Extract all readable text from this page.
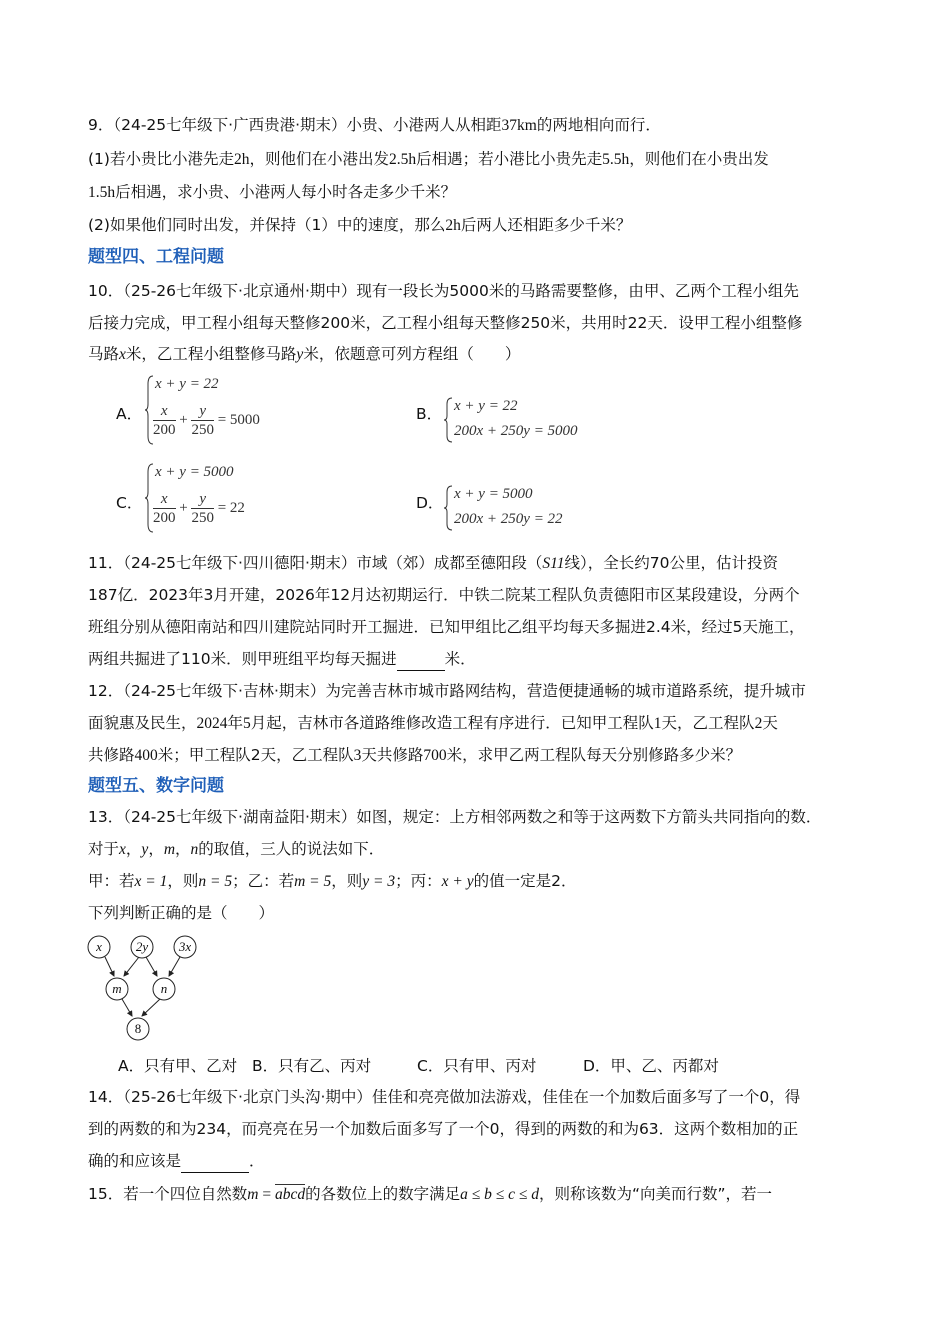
9．（24-25七年级下·广西贵港·期末）小贵、小港两人从相距37km的两地相向而行．
(1)若小贵比小港先走2h，则他们在小港出发2.5h后相遇；若小港比小贵先走5.5h，则他们在小贵出发
1.5h后相遇，求小贵、小港两人每小时各走多少千米？
(2)如果他们同时出发，并保持（1）中的速度，那么2h后两人还相距多少千米？
题型四、工程问题
10．（25-26七年级下·北京通州·期中）现有一段长为5000米的马路需要整修，由甲、乙两个工程小组先
后接力完成，甲工程小组每天整修200米，乙工程小组每天整修250米，共用时22天．设甲工程小组整修
马路x米，乙工程小组整修马路y米，依题意可列方程组（　　）
A．
x + y = 22
$\frac{x}{200} + \frac{y}{250} = 5000$	B． x + y = 22
200x + 250y = 5000
C．
x + y = 5000
$\frac{x}{200} + \frac{y}{250} = 22$	D． x + y = 5000
200x + 250y = 22
11．（24-25七年级下·四川德阳·期末）市域（郊）成都至德阳段（S11线），全长约70公里，估计投资
187亿．2023年3月开建，2026年12月达初期运行．中铁二院某工程队负责德阳市区某段建设，分两个
班组分别从德阳南站和四川建院站同时开工掘进．已知甲组比乙组平均每天多掘进2.4米，经过5天施工，
两组共掘进了110米．则甲班组平均每天掘进	米．
12．（24-25七年级下·吉林·期末）为完善吉林市城市路网结构，营造便捷通畅的城市道路系统，提升城市
面貌惠及民生，2024年5月起，吉林市各道路维修改造工程有序进行．已知甲工程队1天，乙工程队2天
共修路400米；甲工程队2天，乙工程队3天共修路700米，求甲乙两工程队每天分别修路多少米？
题型五、数字问题
13．（24-25七年级下·湖南益阳·期末）如图，规定：上方相邻两数之和等于这两数下方箭头共同指向的数．
对于x，y，m，n的取值，三人的说法如下．
甲：若x = 1，则n = 5；乙：若m = 5，则y = 3；丙：x + y的值一定是2．
下列判断正确的是（　　）
x	2y 3x
m	n
8
A．只有甲、乙对 B．只有乙、丙对	C．只有甲、丙对	D．甲、乙、丙都对
14．（25-26七年级下·北京门头沟·期中）佳佳和亮亮做加法游戏，佳佳在一个加数后面多写了一个0，得
到的两数的和为234，而亮亮在另一个加数后面多写了一个0，得到的两数的和为63．这两个数相加的正
确的和应该是	．
15．若一个四位自然数m = abcd的各数位上的数字满足a ≤ b ≤ c ≤ d，则称该数为“向美而行数”，若一
